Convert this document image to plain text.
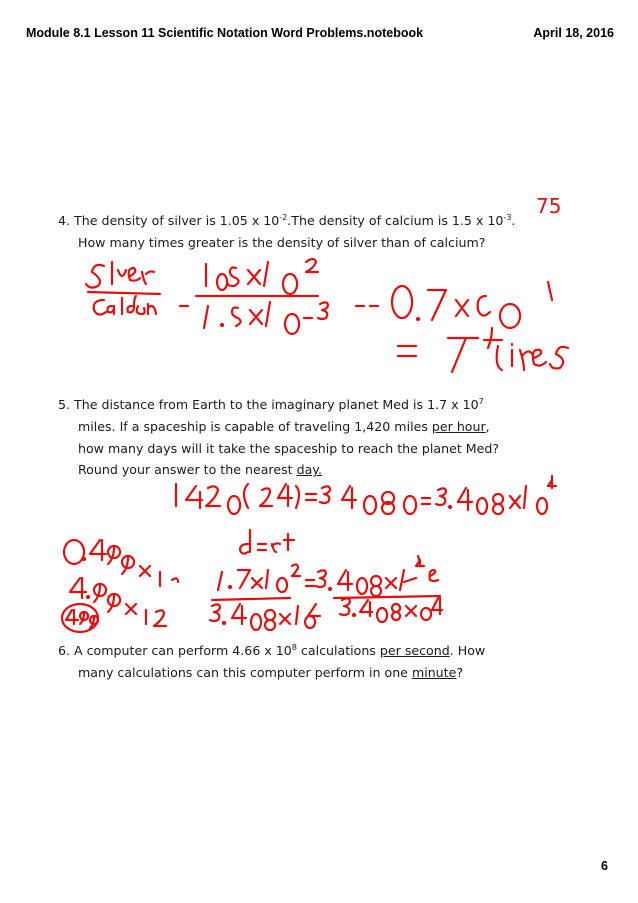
Module 8.1 Lesson 11 Scientific Notation Word Problems.notebook	April 18, 2016
4. The density of silver is 1.05 x $10^{-2}.The$ density of calcium is 1.5 x $10^{-3}$.
How many times greater is the density of silver than of calcium?
5. The distance from Earth to the imaginary planet Med is 1.7 x $10^7$
miles. If a spaceship is capable of traveling 1,420 miles per hour,
how many days will it take the spaceship to reach the planet Med?
Round your answer to the nearest day.
6. A computer can perform 4.66 x $10^8$ calculations per second. How
many calculations can this computer perform in one minute?
75
6
